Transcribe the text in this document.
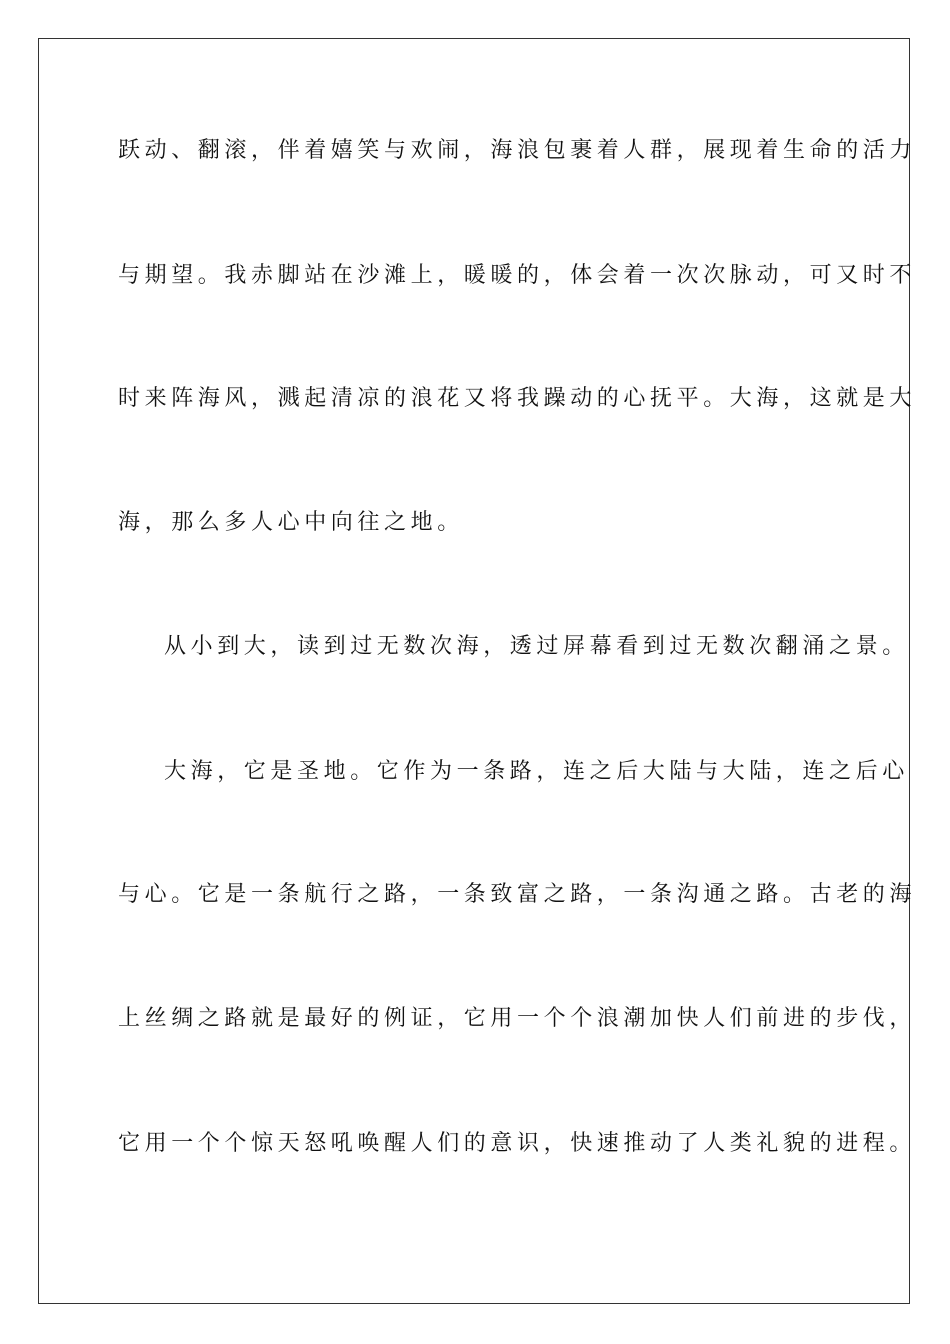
跃动、翻滚，伴着嬉笑与欢闹，海浪包裹着人群，展现着生命的活力
与期望。我赤脚站在沙滩上，暖暖的，体会着一次次脉动，可又时不
时来阵海风，溅起清凉的浪花又将我躁动的心抚平。大海，这就是大
海，那么多人心中向往之地。
从小到大，读到过无数次海，透过屏幕看到过无数次翻涌之景。
大海，它是圣地。它作为一条路，连之后大陆与大陆，连之后心
与心。它是一条航行之路，一条致富之路，一条沟通之路。古老的海
上丝绸之路就是最好的例证，它用一个个浪潮加快人们前进的步伐，
它用一个个惊天怒吼唤醒人们的意识，快速推动了人类礼貌的进程。
